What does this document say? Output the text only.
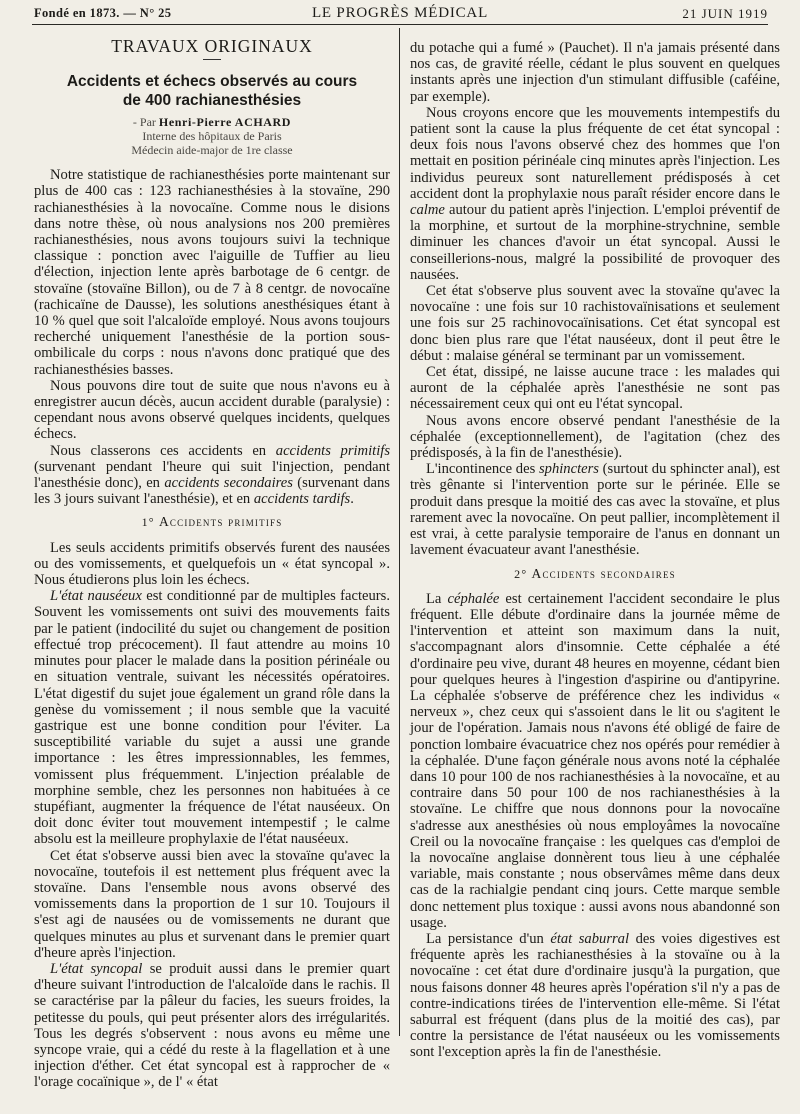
Fondé en 1873. — N° 25	LE PROGRÈS MÉDICAL	21 JUIN 1919
TRAVAUX ORIGINAUX
Accidents et échecs observés au cours
de 400 rachianesthésies
- Par Henri-Pierre ACHARD
Interne des hôpitaux de Paris
Médecin aide-major de 1re classe

Notre statistique de rachianesthésies porte maintenant sur plus de 400 cas : 123 rachianesthésies à la stovaïne, 290 rachianesthésies à la novocaïne. Comme nous le disions dans notre thèse, où nous analysions nos 200 premières rachianesthésies, nous avons toujours suivi la technique classique : ponction avec l'aiguille de Tuffier au lieu d'élection, injection lente après barbotage de 6 centgr. de stovaïne (stovaïne Billon), ou de 7 à 8 centgr. de novocaïne (rachicaïne de Dausse), les solutions anesthésiques étant à 10 % quel que soit l'alcaloïde employé. Nous avons toujours recherché uniquement l'anesthésie de la portion sous-ombilicale du corps : nous n'avons donc pratiqué que des rachianesthésies basses.

Nous pouvons dire tout de suite que nous n'avons eu à enregistrer aucun décès, aucun accident durable (paralysie) : cependant nous avons observé quelques incidents, quelques échecs.

Nous classerons ces accidents en accidents primitifs (survenant pendant l'heure qui suit l'injection, pendant l'anesthésie donc), en accidents secondaires (survenant dans les 3 jours suivant l'anesthésie), et en accidents tardifs.

1° Accidents primitifs

Les seuls accidents primitifs observés furent des nausées ou des vomissements, et quelquefois un « état syncopal ». Nous étudierons plus loin les échecs.

L'état nauséeux est conditionné par de multiples facteurs. Souvent les vomissements ont suivi des mouvements faits par le patient (indocilité du sujet ou changement de position effectué trop précocement). Il faut attendre au moins 10 minutes pour placer le malade dans la position périnéale ou en situation ventrale, suivant les nécessités opératoires. L'état digestif du sujet joue également un grand rôle dans la genèse du vomissement ; il nous semble que la vacuité gastrique est une bonne condition pour l'éviter. La susceptibilité variable du sujet a aussi une grande importance : les êtres impressionnables, les femmes, vomissent plus fréquemment. L'injection préalable de morphine semble, chez les personnes non habituées à ce stupéfiant, augmenter la fréquence de l'état nauséeux. On doit donc éviter tout mouvement intempestif ; le calme absolu est la meilleure prophylaxie de l'état nauséeux.

Cet état s'observe aussi bien avec la stovaïne qu'avec la novocaïne, toutefois il est nettement plus fréquent avec la stovaïne. Dans l'ensemble nous avons observé des vomissements dans la proportion de 1 sur 10. Toujours il s'est agi de nausées ou de vomissements ne durant que quelques minutes au plus et survenant dans le premier quart d'heure après l'injection.

L'état syncopal se produit aussi dans le premier quart d'heure suivant l'introduction de l'alcaloïde dans le rachis. Il se caractérise par la pâleur du facies, les sueurs froides, la petitesse du pouls, qui peut présenter alors des irrégularités. Tous les degrés s'observent : nous avons eu même une syncope vraie, qui a cédé du reste à la flagellation et à une injection d'éther. Cet état syncopal est à rapprocher de « l'orage cocaïnique », de l' « état

du potache qui a fumé » (Pauchet). Il n'a jamais présenté dans nos cas, de gravité réelle, cédant le plus souvent en quelques instants après une injection d'un stimulant diffusible (caféine, par exemple).

Nous croyons encore que les mouvements intempestifs du patient sont la cause la plus fréquente de cet état syncopal : deux fois nous l'avons observé chez des hommes que l'on mettait en position périnéale cinq minutes après l'injection. Les individus peureux sont naturellement prédisposés à cet accident dont la prophylaxie nous paraît résider encore dans le calme autour du patient après l'injection. L'emploi préventif de la morphine, et surtout de la morphine-strychnine, semble diminuer les chances d'avoir un état syncopal. Aussi le conseillerions-nous, malgré la possibilité de provoquer des nausées.

Cet état s'observe plus souvent avec la stovaïne qu'avec la novocaïne : une fois sur 10 rachistovaïnisations et seulement une fois sur 25 rachinovocaïnisations. Cet état syncopal est donc bien plus rare que l'état nauséeux, dont il peut être le début : malaise général se terminant par un vomissement.

Cet état, dissipé, ne laisse aucune trace : les malades qui auront de la céphalée après l'anesthésie ne sont pas nécessairement ceux qui ont eu l'état syncopal.

Nous avons encore observé pendant l'anesthésie de la céphalée (exceptionnellement), de l'agitation (chez des prédisposés, à la fin de l'anesthésie).

L'incontinence des sphincters (surtout du sphincter anal), est très gênante si l'intervention porte sur le périnée. Elle se produit dans presque la moitié des cas avec la stovaïne, et plus rarement avec la novocaïne. On peut pallier, incomplètement il est vrai, à cette paralysie temporaire de l'anus en donnant un lavement évacuateur avant l'anesthésie.

2° Accidents secondaires

La céphalée est certainement l'accident secondaire le plus fréquent. Elle débute d'ordinaire dans la journée même de l'intervention et atteint son maximum dans la nuit, s'accompagnant alors d'insomnie. Cette céphalée a été d'ordinaire peu vive, durant 48 heures en moyenne, cédant bien pour quelques heures à l'ingestion d'aspirine ou d'antipyrine. La céphalée s'observe de préférence chez les individus « nerveux », chez ceux qui s'assoient dans le lit ou s'agitent le jour de l'opération. Jamais nous n'avons été obligé de faire de ponction lombaire évacuatrice chez nos opérés pour remédier à la céphalée. D'une façon générale nous avons noté la céphalée dans 10 pour 100 de nos rachianesthésies à la novocaïne, et au contraire dans 50 pour 100 de nos rachianesthésies à la stovaïne. Le chiffre que nous donnons pour la novocaïne s'adresse aux anesthésies où nous employâmes la novocaïne Creil ou la novocaïne française : les quelques cas d'emploi de la novocaïne anglaise donnèrent tous lieu à une céphalée variable, mais constante ; nous observâmes même dans deux cas de la rachialgie pendant cinq jours. Cette marque semble donc nettement plus toxique : aussi avons nous abandonné son usage.

La persistance d'un état saburral des voies digestives est fréquente après les rachianesthésies à la stovaïne ou à la novocaïne : cet état dure d'ordinaire jusqu'à la purgation, que nous faisons donner 48 heures après l'opération s'il n'y a pas de contre-indications tirées de l'intervention elle-même. Si l'état saburral est fréquent (dans plus de la moitié des cas), par contre la persistance de l'état nauséeux ou les vomissements sont l'exception après la fin de l'anesthésie.
